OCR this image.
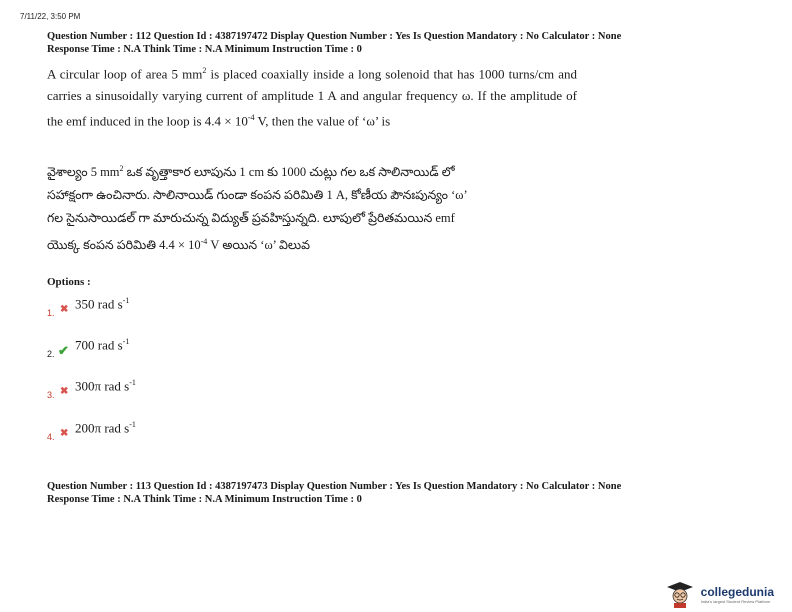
7/11/22, 3:50 PM
Question Number : 112 Question Id : 4387197472 Display Question Number : Yes Is Question Mandatory : No Calculator : None
Response Time : N.A Think Time : N.A Minimum Instruction Time : 0
A circular loop of area 5 $mm^2$ is placed coaxially inside a long solenoid that has 1000 turns/cm and carries a sinusoidally varying current of amplitude 1 A and angular frequency ω. If the amplitude of the emf induced in the loop is $4.4 \times 10^{-4}$ V, then the value of ‘ω’ is
వైశాల్యం 5 $mm^2$ ఒక వృత్తాకార లూపును 1 cm కు 1000 చుట్లు గల ఒక సాలినాయిడ్ లో
సహాక్షంగా ఉంచినారు. సాలినాయిడ్ గుండా కంపన పరిమితి 1 A, కోణీయ పౌనఃపున్యం ‘ω’
గల సైనుసాయిడల్ గా మారుచున్న విద్యుత్ ప్రవహిస్తున్నది. లూపులో ప్రేరితమయిన emf
యొక్క కంపన పరిమితి $4.4 \times 10^{-4}$ V అయిన ‘ω’ విలువ
Options :
1. ✖ 350 rad $s^{-1}$
2. ✔ 700 rad $s^{-1}$
3. ✖ 300π rad $s^{-1}$
4. ✖ 200π rad $s^{-1}$
Question Number : 113 Question Id : 4387197473 Display Question Number : Yes Is Question Mandatory : No Calculator : None
Response Time : N.A Think Time : N.A Minimum Instruction Time : 0
collegedunia
India's largest Student Review Platform
